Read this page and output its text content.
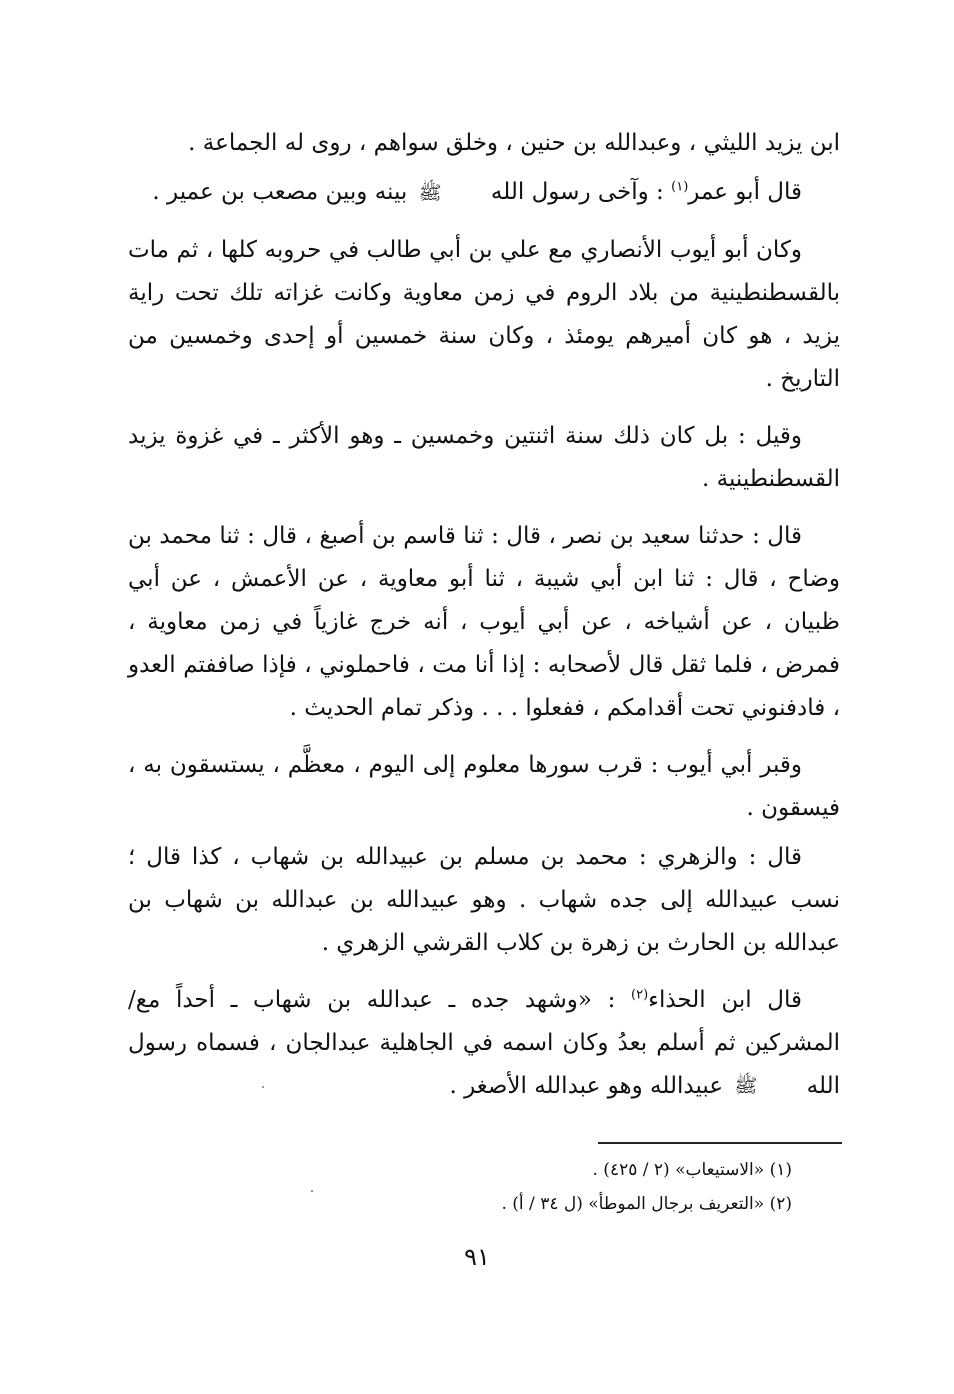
ابن يزيد الليثي ، وعبدالله بن حنين ، وخلق سواهم ، روى له الجماعة .

قال أبو عمر$^{(١)}$ : وآخى رسول الله ﷺ بينه وبين مصعب بن عمير .

وكان أبو أيوب الأنصاري مع علي بن أبي طالب في حروبه كلها ، ثم مات بالقسطنطينية من بلاد الروم في زمن معاوية وكانت غزاته تلك تحت راية يزيد ، هو كان أميرهم يومئذ ، وكان سنة خمسين أو إحدى وخمسين من التاريخ .

وقيل : بل كان ذلك سنة اثنتين وخمسين ـ وهو الأكثر ـ في غزوة يزيد القسطنطينية .

قال : حدثنا سعيد بن نصر ، قال : ثنا قاسم بن أصبغ ، قال : ثنا محمد بن وضاح ، قال : ثنا ابن أبي شيبة ، ثنا أبو معاوية ، عن الأعمش ، عن أبي ظبيان ، عن أشياخه ، عن أبي أيوب ، أنه خرج غازياً في زمن معاوية ، فمرض ، فلما ثقل قال لأصحابه : إذا أنا مت ، فاحملوني ، فإذا صاففتم العدو ، فادفنوني تحت أقدامكم ، ففعلوا . . . وذكر تمام الحديث .

وقبر أبي أيوب : قرب سورها معلوم إلى اليوم ، معظَّم ، يستسقون به ، فيسقون .

قال : والزهري : محمد بن مسلم بن عبيدالله بن شهاب ، كذا قال ؛ نسب عبيدالله إلى جده شهاب . وهو عبيدالله بن عبدالله بن شهاب بن عبدالله بن الحارث بن زهرة بن كلاب القرشي الزهري .

قال ابن الحذاء$^{(٢)}$ : «وشهد جده ـ عبدالله بن شهاب ـ أحداً مع/ المشركين ثم أسلم بعدُ وكان اسمه في الجاهلية عبدالجان ، فسماه رسول الله ﷺ عبيدالله وهو عبدالله الأصغر .

(١) «الاستيعاب» (٢ / ٤٢٥) .

(٢) «التعريف برجال الموطأ» (ل ٣٤ / أ) .

٩١
